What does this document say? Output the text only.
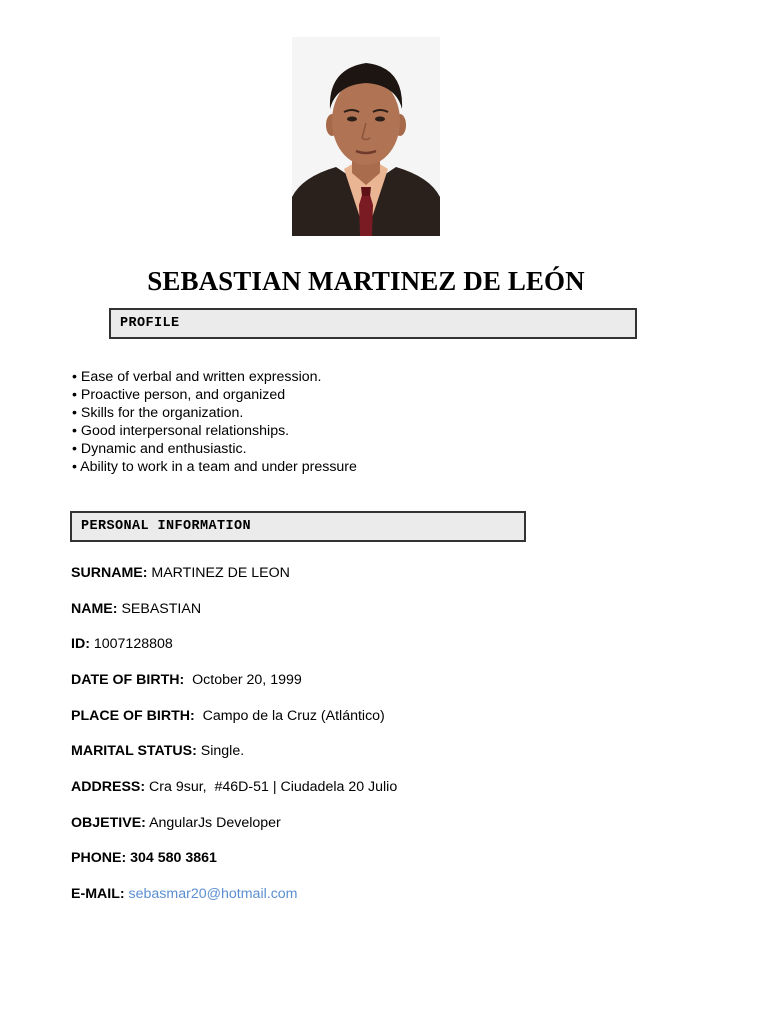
SEBASTIAN MARTINEZ DE LEÓN
PROFILE
• Ease of verbal and written expression.
• Proactive person, and organized
• Skills for the organization.
• Good interpersonal relationships.
• Dynamic and enthusiastic.
• Ability to work in a team and under pressure
PERSONAL INFORMATION
SURNAME: MARTINEZ DE LEON
NAME: SEBASTIAN
ID: 1007128808
DATE OF BIRTH:  October 20, 1999
PLACE OF BIRTH:  Campo de la Cruz (Atlántico)
MARITAL STATUS: Single.
ADDRESS: Cra 9sur,  #46D-51 | Ciudadela 20 Julio
OBJETIVE: AngularJs Developer
PHONE: 304 580 3861
E-MAIL: sebasmar20@hotmail.com
